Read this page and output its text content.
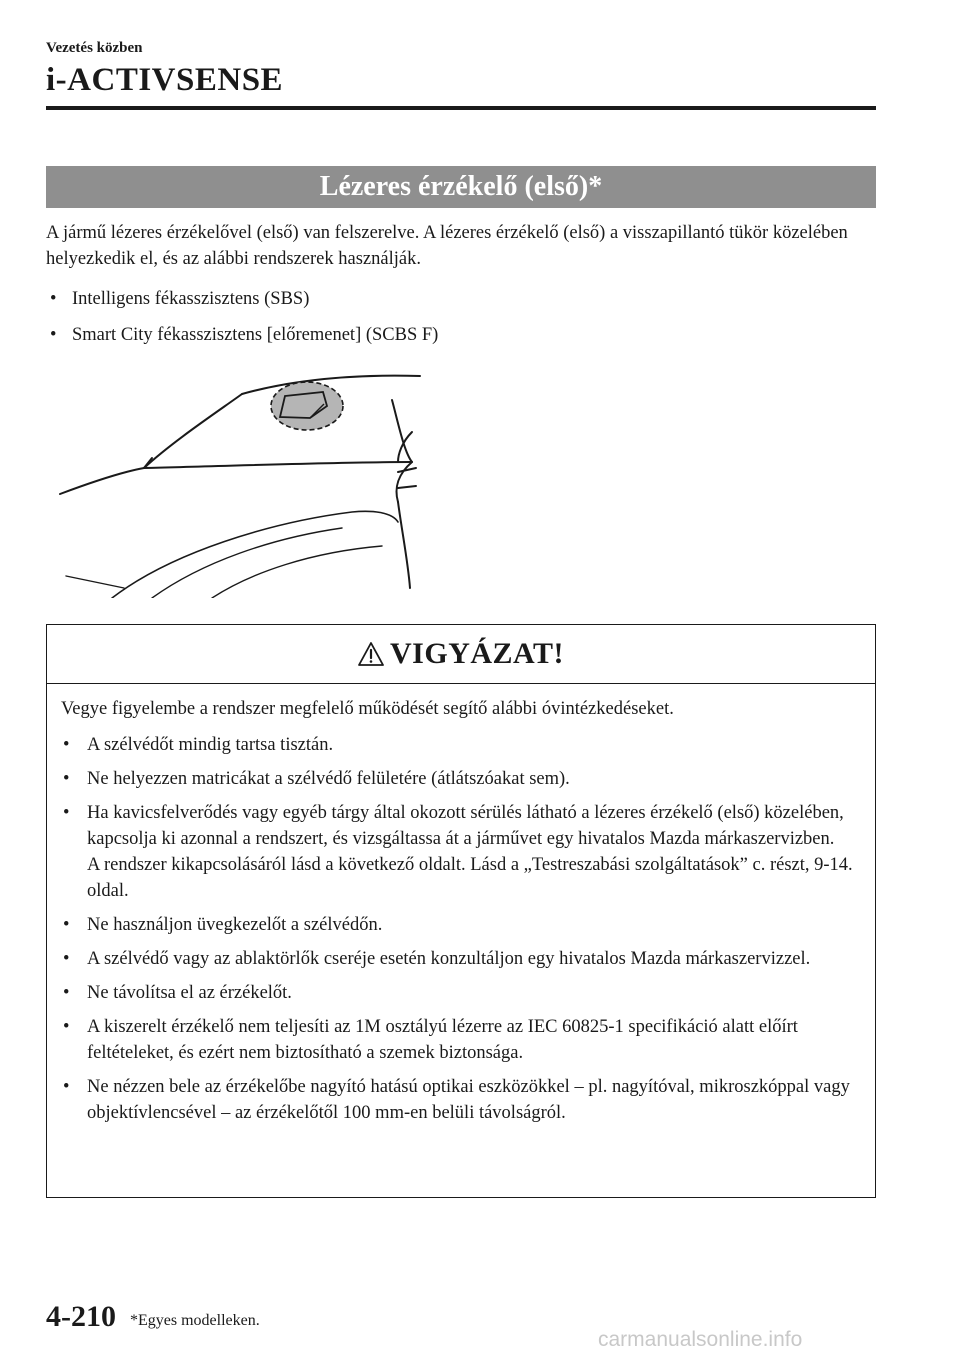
Vezetés közben
i-ACTIVSENSE
Lézeres érzékelő (első)*

A jármű lézeres érzékelővel (első) van felszerelve. A lézeres érzékelő (első) a visszapillantó tükör közelében helyezkedik el, és az alábbi rendszerek használják.

• Intelligens fékasszisztens (SBS)
• Smart City fékasszisztens [előremenet] (SCBS F)
VIGYÁZAT!

Vegye figyelembe a rendszer megfelelő működését segítő alábbi óvintézkedéseket.

• A szélvédőt mindig tartsa tisztán.
• Ne helyezzen matricákat a szélvédő felületére (átlátszóakat sem).
• Ha kavicsfelverődés vagy egyéb tárgy által okozott sérülés látható a lézeres érzékelő (első) közelében, kapcsolja ki azonnal a rendszert, és vizsgáltassa át a járművet egy hivatalos Mazda márkaszervizben.
A rendszer kikapcsolásáról lásd a következő oldalt. Lásd a „Testreszabási szolgáltatások” c. részt, 9-14. oldal.
• Ne használjon üvegkezelőt a szélvédőn.
• A szélvédő vagy az ablaktörlők cseréje esetén konzultáljon egy hivatalos Mazda márkaszervizzel.
• Ne távolítsa el az érzékelőt.
• A kiszerelt érzékelő nem teljesíti az 1M osztályú lézerre az IEC 60825-1 specifikáció alatt előírt feltételeket, és ezért nem biztosítható a szemek biztonsága.
• Ne nézzen bele az érzékelőbe nagyító hatású optikai eszközökkel – pl. nagyítóval, mikroszkóppal vagy objektívlencsével – az érzékelőtől 100 mm-en belüli távolságról.
4-210 *Egyes modelleken.
carmanualsonline.info
